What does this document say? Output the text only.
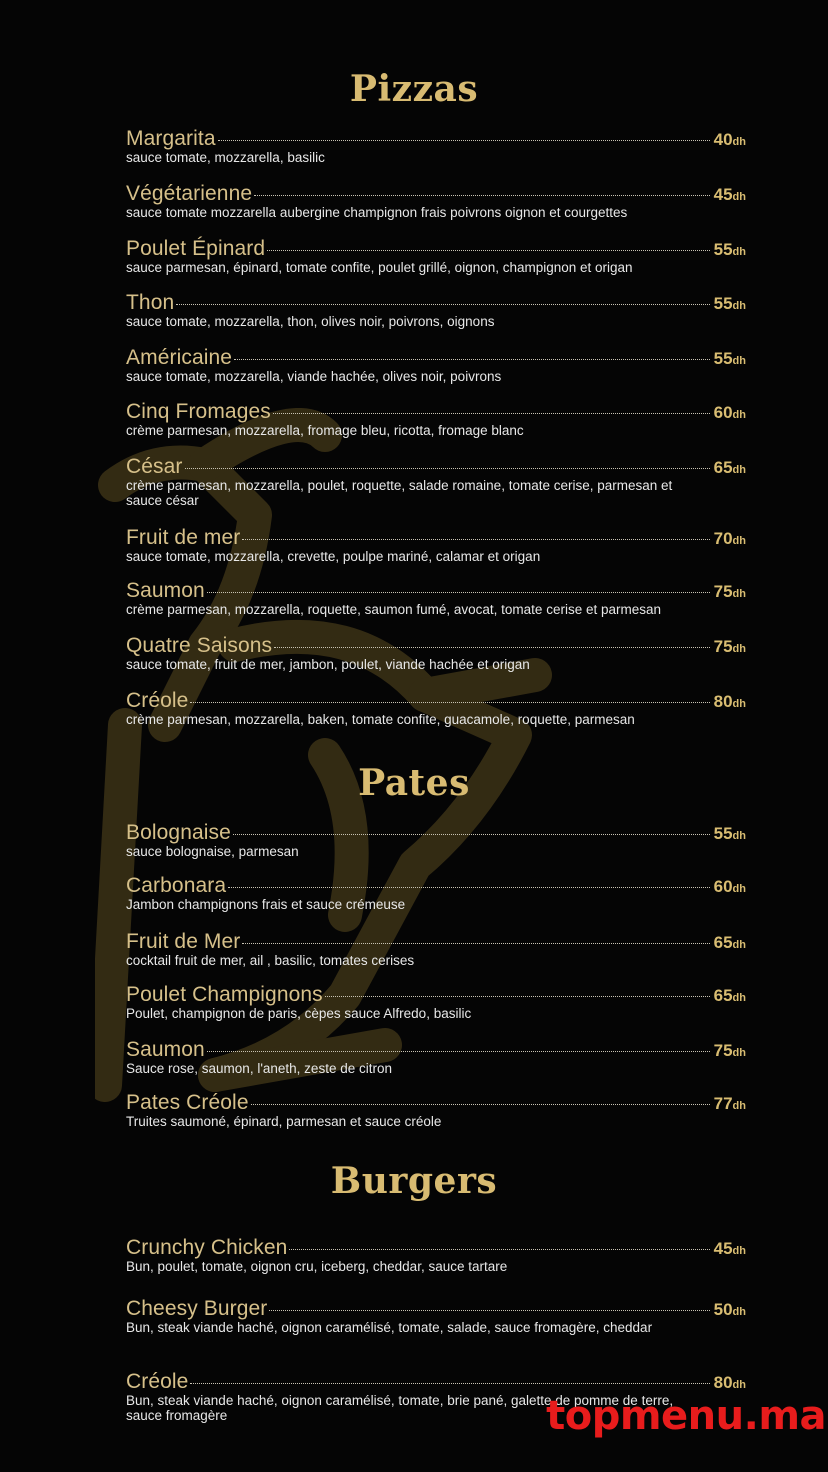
Pizzas
Pates
Burgers
Margarita	40dh
sauce tomate, mozzarella, basilic
Végétarienne	45dh
sauce tomate mozzarella aubergine champignon frais poivrons oignon et courgettes
Poulet Épinard	55dh
sauce parmesan, épinard, tomate confite, poulet grillé, oignon, champignon et origan
Thon	55dh
sauce tomate, mozzarella, thon, olives noir, poivrons, oignons
Américaine	55dh
sauce tomate, mozzarella, viande hachée, olives noir, poivrons
Cinq Fromages	60dh
crème parmesan, mozzarella, fromage bleu, ricotta, fromage blanc
César	65dh
crème parmesan, mozzarella, poulet, roquette, salade romaine, tomate cerise, parmesan et sauce césar
Fruit de mer	70dh
sauce tomate, mozzarella, crevette, poulpe mariné, calamar et origan
Saumon	75dh
crème parmesan, mozzarella, roquette, saumon fumé, avocat, tomate cerise et parmesan
Quatre Saisons	75dh
sauce tomate, fruit de mer, jambon, poulet, viande hachée et origan
Créole	80dh
crème parmesan, mozzarella, baken, tomate confite, guacamole, roquette, parmesan
Bolognaise	55dh
sauce bolognaise, parmesan
Carbonara	60dh
Jambon champignons frais et sauce crémeuse
Fruit de Mer	65dh
cocktail fruit de mer, ail , basilic, tomates cerises
Poulet Champignons	65dh
Poulet, champignon de paris, cèpes sauce Alfredo, basilic
Saumon	75dh
Sauce rose, saumon, l'aneth, zeste de citron
Pates Créole	77dh
Truites saumoné, épinard, parmesan et sauce créole
Crunchy Chicken	45dh
Bun, poulet, tomate, oignon cru, iceberg, cheddar, sauce tartare
Cheesy Burger	50dh
Bun, steak viande haché, oignon caramélisé, tomate, salade, sauce fromagère, cheddar
Créole	80dh
Bun, steak viande haché, oignon caramélisé, tomate, brie pané, galette de pomme de terre, sauce fromagère	topmenu.ma
